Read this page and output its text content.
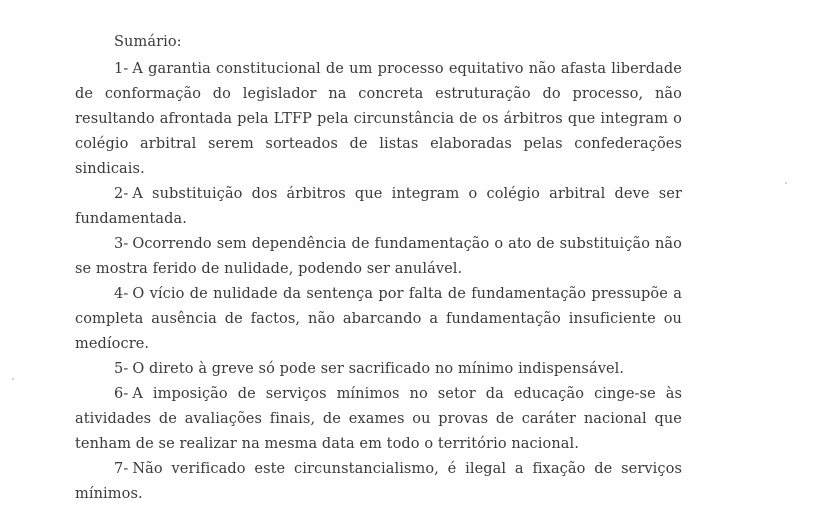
Sumário:

1- A garantia constitucional de um processo equitativo não afasta liberdade de conformação do legislador na concreta estruturação do processo, não resultando afrontada pela LTFP pela circunstância de os árbitros que integram o colégio arbitral serem sorteados de listas elaboradas pelas confederações sindicais.

2- A substituição dos árbitros que integram o colégio arbitral deve ser fundamentada.

3- Ocorrendo sem dependência de fundamentação o ato de substituição não se mostra ferido de nulidade, podendo ser anulável.

4- O vício de nulidade da sentença por falta de fundamentação pressupõe a completa ausência de factos, não abarcando a fundamentação insuficiente ou medíocre.

5- O direto à greve só pode ser sacrificado no mínimo indispensável.

6- A imposição de serviços mínimos no setor da educação cinge-se às atividades de avaliações finais, de exames ou provas de caráter nacional que tenham de se realizar na mesma data em todo o território nacional.

7- Não verificado este circunstancialismo, é ilegal a fixação de serviços mínimos.
